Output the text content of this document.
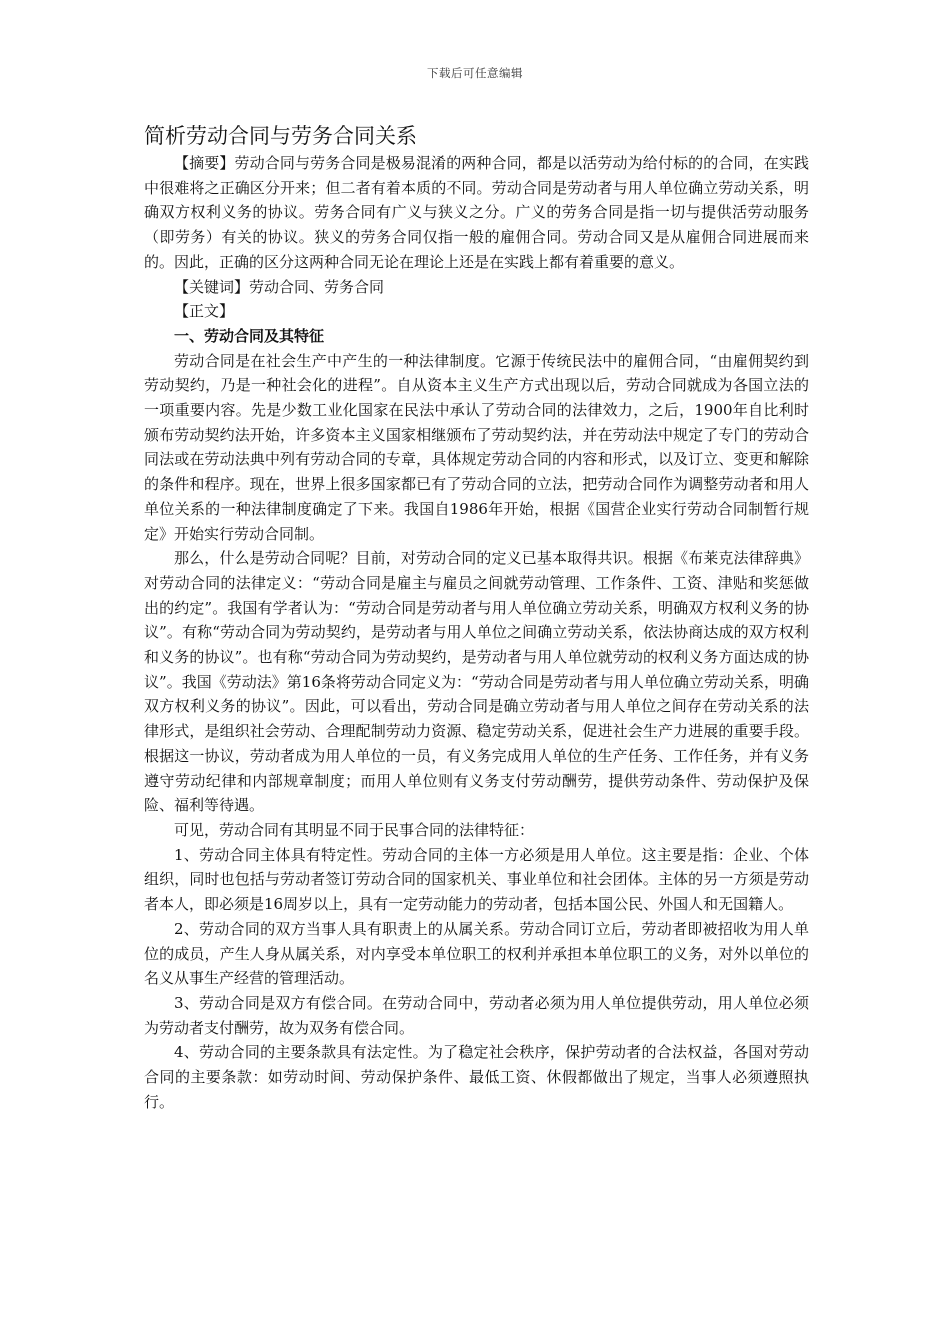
下载后可任意编辑
简析劳动合同与劳务合同关系

【摘要】劳动合同与劳务合同是极易混淆的两种合同，都是以活劳动为给付标的的合同，在实践中很难将之正确区分开来；但二者有着本质的不同。劳动合同是劳动者与用人单位确立劳动关系，明确双方权利义务的协议。劳务合同有广义与狭义之分。广义的劳务合同是指一切与提供活劳动服务（即劳务）有关的协议。狭义的劳务合同仅指一般的雇佣合同。劳动合同又是从雇佣合同进展而来的。因此，正确的区分这两种合同无论在理论上还是在实践上都有着重要的意义。

【关键词】劳动合同、劳务合同

【正文】

一、劳动合同及其特征

劳动合同是在社会生产中产生的一种法律制度。它源于传统民法中的雇佣合同，“由雇佣契约到劳动契约，乃是一种社会化的进程”。自从资本主义生产方式出现以后，劳动合同就成为各国立法的一项重要内容。先是少数工业化国家在民法中承认了劳动合同的法律效力，之后，1900年自比利时颁布劳动契约法开始，许多资本主义国家相继颁布了劳动契约法，并在劳动法中规定了专门的劳动合同法或在劳动法典中列有劳动合同的专章，具体规定劳动合同的内容和形式，以及订立、变更和解除的条件和程序。现在，世界上很多国家都已有了劳动合同的立法，把劳动合同作为调整劳动者和用人单位关系的一种法律制度确定了下来。我国自1986年开始，根据《国营企业实行劳动合同制暂行规定》开始实行劳动合同制。

那么，什么是劳动合同呢？目前，对劳动合同的定义已基本取得共识。根据《布莱克法律辞典》对劳动合同的法律定义：“劳动合同是雇主与雇员之间就劳动管理、工作条件、工资、津贴和奖惩做出的约定”。我国有学者认为：“劳动合同是劳动者与用人单位确立劳动关系，明确双方权利义务的协议”。有称“劳动合同为劳动契约，是劳动者与用人单位之间确立劳动关系，依法协商达成的双方权利和义务的协议”。也有称“劳动合同为劳动契约，是劳动者与用人单位就劳动的权利义务方面达成的协议”。我国《劳动法》第16条将劳动合同定义为：“劳动合同是劳动者与用人单位确立劳动关系，明确双方权利义务的协议”。因此，可以看出，劳动合同是确立劳动者与用人单位之间存在劳动关系的法律形式，是组织社会劳动、合理配制劳动力资源、稳定劳动关系，促进社会生产力进展的重要手段。根据这一协议，劳动者成为用人单位的一员，有义务完成用人单位的生产任务、工作任务，并有义务遵守劳动纪律和内部规章制度；而用人单位则有义务支付劳动酬劳，提供劳动条件、劳动保护及保险、福利等待遇。

可见，劳动合同有其明显不同于民事合同的法律特征：

1、劳动合同主体具有特定性。劳动合同的主体一方必须是用人单位。这主要是指：企业、个体组织，同时也包括与劳动者签订劳动合同的国家机关、事业单位和社会团体。主体的另一方须是劳动者本人，即必须是16周岁以上，具有一定劳动能力的劳动者，包括本国公民、外国人和无国籍人。

2、劳动合同的双方当事人具有职责上的从属关系。劳动合同订立后，劳动者即被招收为用人单位的成员，产生人身从属关系，对内享受本单位职工的权利并承担本单位职工的义务，对外以单位的名义从事生产经营的管理活动。

3、劳动合同是双方有偿合同。在劳动合同中，劳动者必须为用人单位提供劳动，用人单位必须为劳动者支付酬劳，故为双务有偿合同。

4、劳动合同的主要条款具有法定性。为了稳定社会秩序，保护劳动者的合法权益，各国对劳动合同的主要条款：如劳动时间、劳动保护条件、最低工资、休假都做出了规定，当事人必须遵照执行。
